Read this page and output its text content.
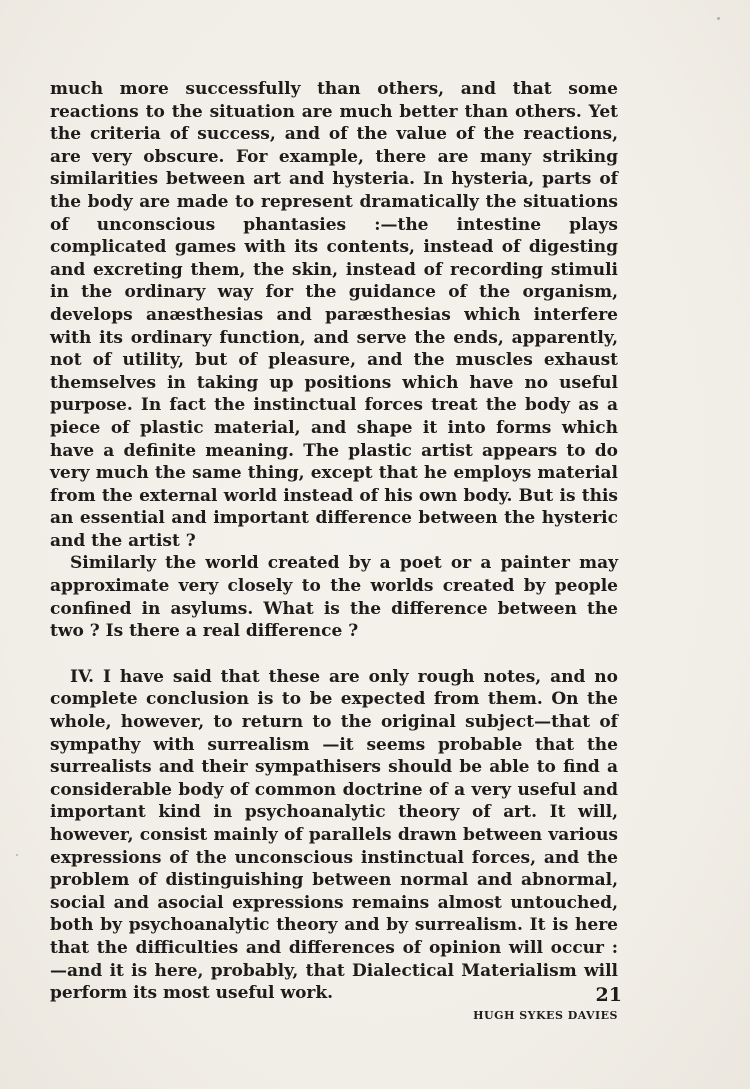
much more successfully than others, and that some reactions to the situation are much better than others. Yet the criteria of success, and of the value of the reactions, are very obscure. For example, there are many striking similarities between art and hysteria. In hysteria, parts of the body are made to represent dramatically the situations of unconscious phantasies :—the intestine plays complicated games with its contents, instead of digesting and excreting them, the skin, instead of recording stimuli in the ordinary way for the guidance of the organism, develops anæsthesias and paræsthesias which interfere with its ordinary function, and serve the ends, apparently, not of utility, but of pleasure, and the muscles exhaust themselves in taking up positions which have no useful purpose. In fact the instinctual forces treat the body as a piece of plastic material, and shape it into forms which have a definite meaning. The plastic artist appears to do very much the same thing, except that he employs material from the external world instead of his own body. But is this an essential and important difference between the hysteric and the artist ?

Similarly the world created by a poet or a painter may approximate very closely to the worlds created by people confined in asylums. What is the difference between the two ? Is there a real difference ?

IV. I have said that these are only rough notes, and no complete conclusion is to be expected from them. On the whole, however, to return to the original subject—that of sympathy with surrealism —it seems probable that the surrealists and their sympathisers should be able to find a considerable body of common doctrine of a very useful and important kind in psychoanalytic theory of art. It will, however, consist mainly of parallels drawn between various expressions of the unconscious instinctual forces, and the problem of distinguishing between normal and abnormal, social and asocial expressions remains almost untouched, both by psychoanalytic theory and by surrealism. It is here that the difficulties and differences of opinion will occur :—and it is here, probably, that Dialectical Materialism will perform its most useful work.

HUGH SYKES DAVIES
21
